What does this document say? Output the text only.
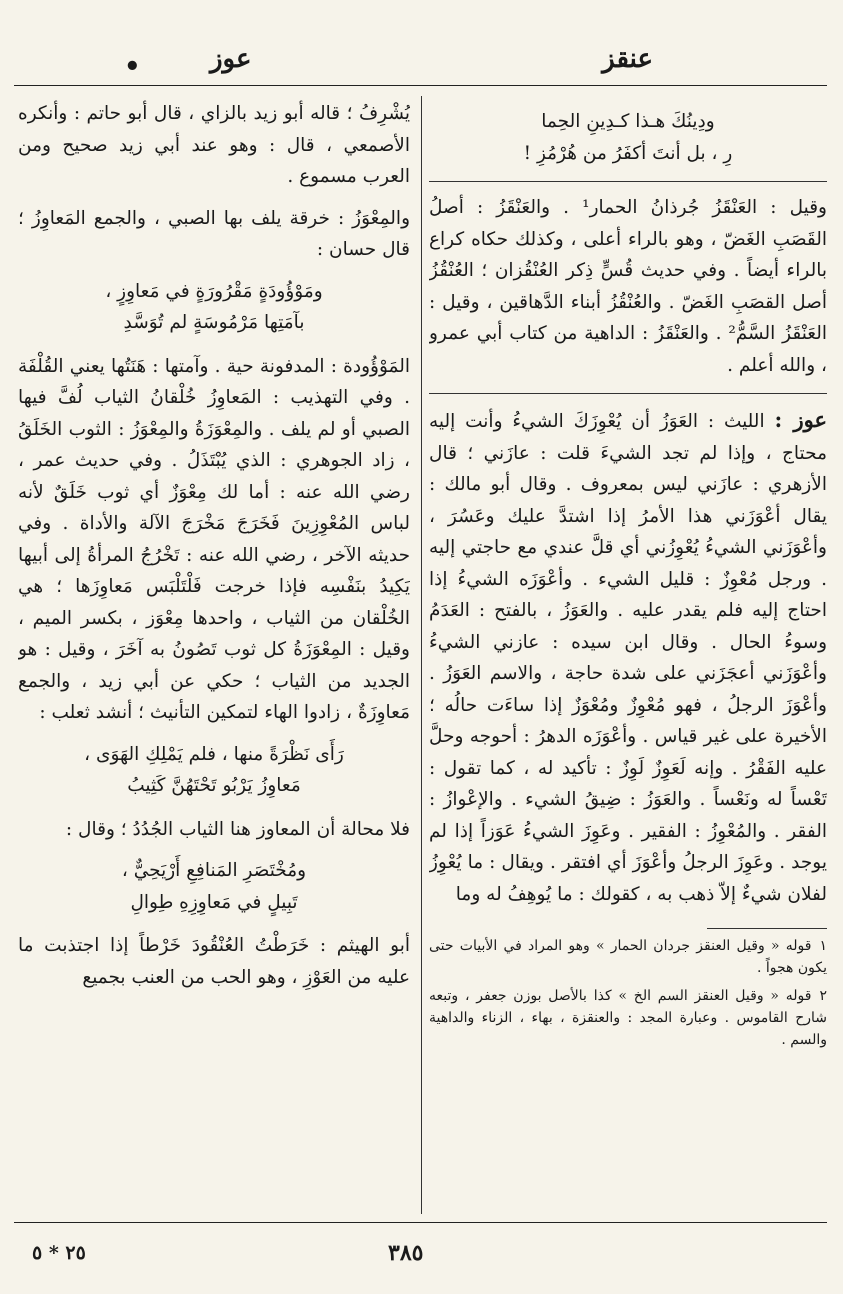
عنقز
عوز
•

ودِينُكَ هـذا كـدِينِ الحِما

رِ ، بل أنتَ أكفَرُ من هُرْمُزِ !

وقيل : العَنْقَزُ جُرذانُ الحمار¹ . والعَنْقَزُ : أصلُ القَصَبِ الغَضّ ، وهو بالراء أعلى ، وكذلك حكاه كراع بالراء أيضاً . وفي حديث قُسٍّ ذِكر العُنْقُزان ؛ العُنْقُزُ أصل القصَبِ الغَضّ . والعُنْقُزُ أبناء الدَّهاقين ، وقيل : العَنْقَزُ السَّمُّ² . والعَنْقَزُ : الداهية من كتاب أبي عمرو ، والله أعلم .

عوز : الليث : العَوَزُ أن يُعْوِزَكَ الشيءُ وأنت إليه محتاج ، وإذا لم تجد الشيءَ قلت : عازَني ؛ قال الأزهري : عازَني ليس بمعروف . وقال أبو مالك : يقال أعْوَزَني هذا الأمرُ إذا اشتدَّ عليك وعَسُرَ ، وأعْوَزَني الشيءُ يُعْوِزُني أي قلَّ عندي مع حاجتي إليه . ورجل مُعْوِزٌ : قليل الشيء . وأعْوَزَه الشيءُ إذا احتاج إليه فلم يقدر عليه . والعَوَزُ ، بالفتح : العَدَمُ وسوءُ الحال . وقال ابن سيده : عازني الشيءُ وأعْوَزَني أعجَزَني على شدة حاجة ، والاسم العَوَزُ . وأعْوَزَ الرجلُ ، فهو مُعْوِزٌ ومُعْوَزٌ إذا ساءَت حالُه ؛ الأخيرة على غير قياس . وأعْوَزَه الدهرُ : أحوجه وحلَّ عليه الفَقْرُ . وإنه لَعَوِزٌ لَوِزٌ : تأكيد له ، كما تقول : تَعْساً له ونَعْساً . والعَوَزُ : ضِيقُ الشيء . والإعْوازُ : الفقر . والمُعْوِزُ : الفقير . وعَوِزَ الشيءُ عَوَزاً إذا لم يوجد . وعَوِزَ الرجلُ وأعْوَزَ أي افتقر . ويقال : ما يُعْوِزُ لفلان شيءٌ إلاّ ذهب به ، كقولك : ما يُوهِفُ له وما

١قوله « وقيل العنقز جردان الحمار » وهو المراد في الأبيات حتى يكون هجواً .

٢قوله « وقيل العنقز السم الخ » كذا بالأصل بوزن جعفر ، وتبعه شارح القاموس . وعبارة المجد : والعنقزة ، بهاء ، الزناء والداهية والسم .

يُشْرِفُ ؛ قاله أبو زيد بالزاي ، قال أبو حاتم : وأنكره الأصمعي ، قال : وهو عند أبي زيد صحيح ومن العرب مسموع .

والمِعْوَزُ : خرقة يلف بها الصبي ، والجمع المَعاوِزُ ؛ قال حسان :

ومَوْؤُودَةٍ مَقْرُورَةٍ في مَعاوِزٍ ،

بآمَتِها مَرْمُوسَةٍ لم تُوَسَّدِ

المَوْؤُودة : المدفونة حية . وآمتها : هَنَتُها يعني القُلْفَة . وفي التهذيب : المَعاوِزُ خُلْقانُ الثياب لُفَّ فيها الصبي أو لم يلف . والمِعْوَزَةُ والمِعْوَزُ : الثوب الخَلَقُ ، زاد الجوهري : الذي يُبْتَذَلُ . وفي حديث عمر ، رضي الله عنه : أما لك مِعْوَزٌ أي ثوب خَلَقٌ لأنه لباس المُعْوِزِينَ فَخَرَجَ مَخْرَجَ الآلة والأداة . وفي حديثه الآخر ، رضي الله عنه : تَخْرُجُ المرأةُ إلى أبيها يَكِيدُ بنَفْسِه فإذا خرجت فَلْتَلْبَس مَعاوِزَها ؛ هي الخُلْقان من الثياب ، واحدها مِعْوَز ، بكسر الميم ، وقيل : المِعْوَزَةُ كل ثوب تَصُونُ به آخَرَ ، وقيل : هو الجديد من الثياب ؛ حكي عن أبي زيد ، والجمع مَعاوِزَةٌ ، زادوا الهاء لتمكين التأنيث ؛ أنشد ثعلب :

رَأَى نَظْرَةً منها ، فلم يَمْلِكِ الهَوَى ،

مَعاوِزُ يَرْبُو تَحْتَهُنَّ كَثِيبُ

فلا محالة أن المعاوز هنا الثياب الجُدُدُ ؛ وقال :

ومُخْتَصَرِ المَنافِعِ أَرْيَحِيٌّ ،

تَبِيلٍ في مَعاوِزِهِ طِوالِ

أبو الهيثم : خَرَطْتُ العُنْقُودَ خَرْطاً إذا اجتذبت ما عليه من العَوْزِ ، وهو الحب من العنب بجميع

٣٨٥
٢٥ * ٥
